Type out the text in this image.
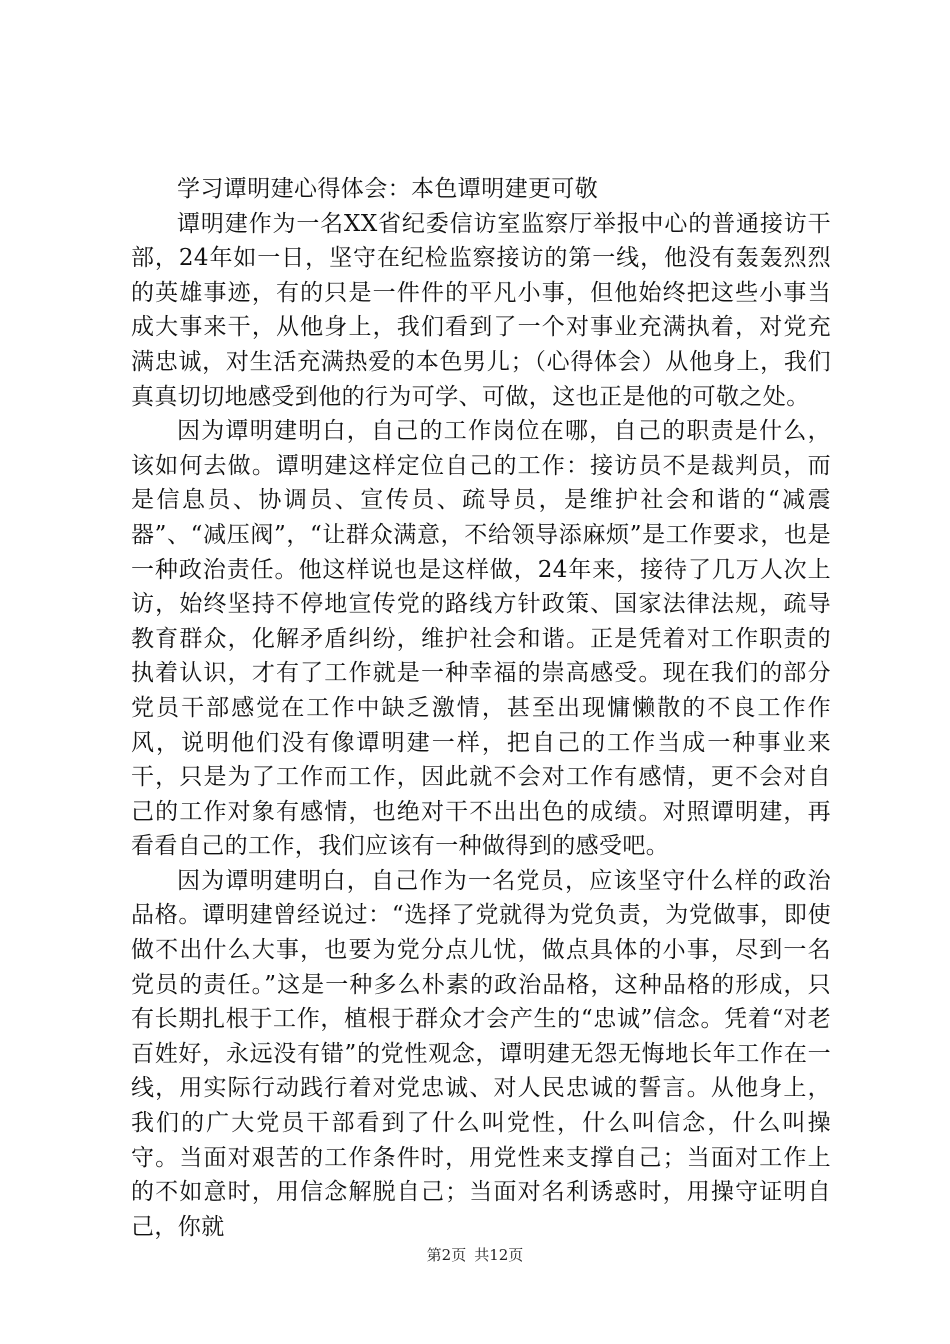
学习谭明建心得体会：本色谭明建更可敬

谭明建作为一名XX省纪委信访室监察厅举报中心的普通接访干部，24年如一日，坚守在纪检监察接访的第一线，他没有轰轰烈烈的英雄事迹，有的只是一件件的平凡小事，但他始终把这些小事当成大事来干，从他身上，我们看到了一个对事业充满执着，对党充满忠诚，对生活充满热爱的本色男儿；（心得体会）从他身上，我们真真切切地感受到他的行为可学、可做，这也正是他的可敬之处。

因为谭明建明白，自己的工作岗位在哪，自己的职责是什么，该如何去做。谭明建这样定位自己的工作：接访员不是裁判员，而是信息员、协调员、宣传员、疏导员，是维护社会和谐的“减震器”、“减压阀”，“让群众满意，不给领导添麻烦”是工作要求，也是一种政治责任。他这样说也是这样做，24年来，接待了几万人次上访，始终坚持不停地宣传党的路线方针政策、国家法律法规，疏导教育群众，化解矛盾纠纷，维护社会和谐。正是凭着对工作职责的执着认识，才有了工作就是一种幸福的崇高感受。现在我们的部分党员干部感觉在工作中缺乏激情，甚至出现慵懒散的不良工作作风，说明他们没有像谭明建一样，把自己的工作当成一种事业来干，只是为了工作而工作，因此就不会对工作有感情，更不会对自己的工作对象有感情，也绝对干不出出色的成绩。对照谭明建，再看看自己的工作，我们应该有一种做得到的感受吧。

因为谭明建明白，自己作为一名党员，应该坚守什么样的政治品格。谭明建曾经说过：“选择了党就得为党负责，为党做事，即使做不出什么大事，也要为党分点儿忧，做点具体的小事，尽到一名党员的责任。”这是一种多么朴素的政治品格，这种品格的形成，只有长期扎根于工作，植根于群众才会产生的“忠诚”信念。凭着“对老百姓好，永远没有错”的党性观念，谭明建无怨无悔地长年工作在一线，用实际行动践行着对党忠诚、对人民忠诚的誓言。从他身上，我们的广大党员干部看到了什么叫党性，什么叫信念，什么叫操守。当面对艰苦的工作条件时，用党性来支撑自己；当面对工作上的不如意时，用信念解脱自己；当面对名利诱惑时，用操守证明自己，你就

第2页 共12页
